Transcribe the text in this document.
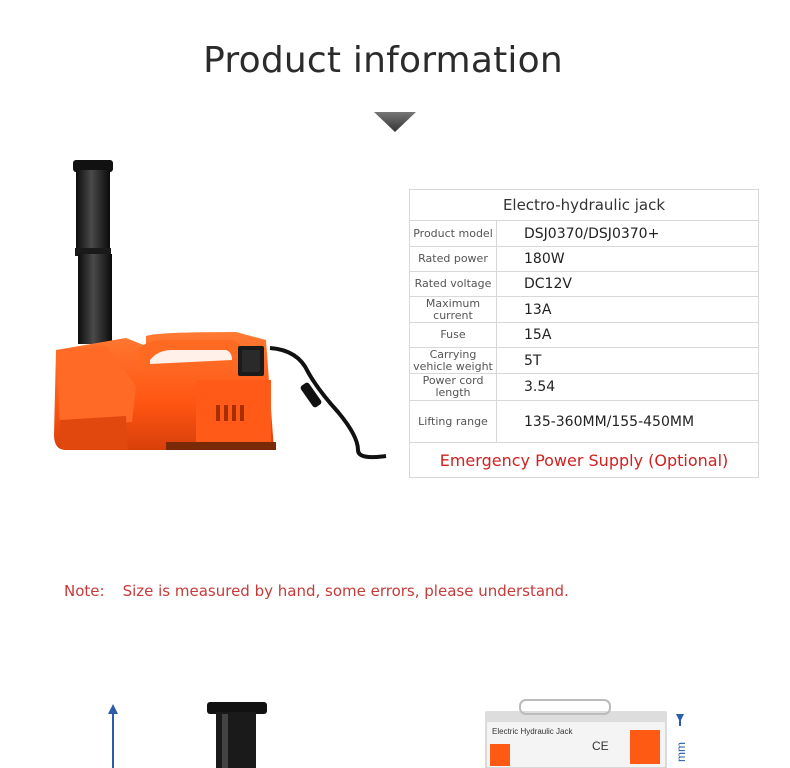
Product information
Electro-hydraulic jack	
Product model	DSJ0370/DSJ0370+
Rated power	180W
Rated voltage	DC12V
Maximum current	13A
Fuse	15A
Carrying vehicle weight	5T
Power cord length	3.54
Lifting range	135-360MM/155-450MM
Emergency Power Supply (Optional)	
Note: Size is measured by hand, some errors, please understand.
Electric Hydraulic Jack
CE	mm
